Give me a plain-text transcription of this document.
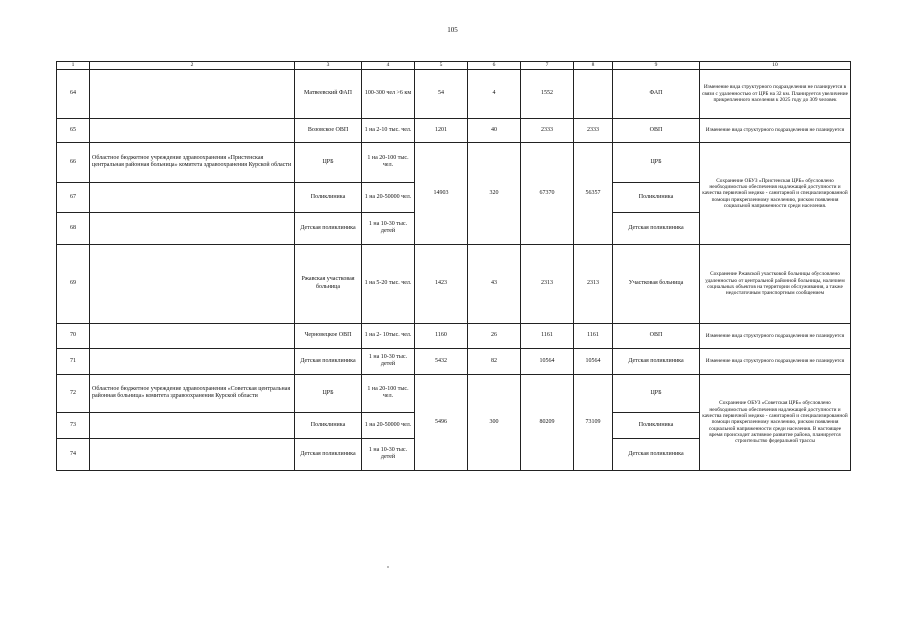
105
1	2	3	4	5	6	7	8	9	10
64		Матвеевский ФАП	100-300 чел >6 км	54	4	1552		ФАП	Изменение вида структурного подразделения не планируется в связи с удаленностью от ЦРБ на 32 км. Планируется увеличение прикрепленного населения к 2025 году до 309 человек
65		Возовское ОВП	1 на 2-10 тыс. чел.	1201	40	2333	2333	ОВП	Изменение вида структурного подразделения не планируется
66	Областное бюджетное учреждение здравоохранения «Пристенская центральная районная больница» комитета здравоохранения Курской области	ЦРБ	1 на 20-100 тыс. чел.	14903	320	67370	56357	ЦРБ	Сохранение ОБУЗ «Пристенская ЦРБ» обусловлено необходимостью обеспечения надлежащей доступности и качества первичной медико - санитарной и специализированной помощи прикрепленному населению, риском появления социальной напряженности среди населения.
67		Поликлиника	1 на 20-50000 чел.					Поликлиника	
68		Детская поликлиника	1 на 10-30 тыс. детей					Детская поликлиника	
69		Ржавская участковая больница	1 на 5-20 тыс. чел.	1423	43	2313	2313	Участковая больница	Сохранение Ржавской участковой больницы обусловлено удаленностью от центральной районной больницы, наличием социальных объектов на территории обслуживания, а также недостаточным транспортным сообщением
70		Черновецкое ОВП	1 на 2- 10тыс. чел.	1160	26	1161	1161	ОВП	Изменение вида структурного подразделения не планируется
71		Детская поликлиника	1 на 10-30 тыс. детей	5432	82	10564	10564	Детская поликлиника	Изменение вида структурного подразделения не планируется
72	Областное бюджетное учреждение здравоохранения «Советская центральная районная больница» комитета здравоохранения Курской области	ЦРБ	1 на 20-100 тыс. чел.	5496	300	80209	73109	ЦРБ	Сохранение ОБУЗ «Советская ЦРБ» обусловлено необходимостью обеспечения надлежащей доступности и качества первичной медико - санитарной и специализированной помощи прикрепленному населению, риском появления социальной напряженности среди населения. В настоящее время происходит активное развитие района, планируется строительство федеральной трассы
73		Поликлиника	1 на 20-50000 чел.					Поликлиника	
74		Детская поликлиника	1 на 10-30 тыс. детей					Детская поликлиника	
